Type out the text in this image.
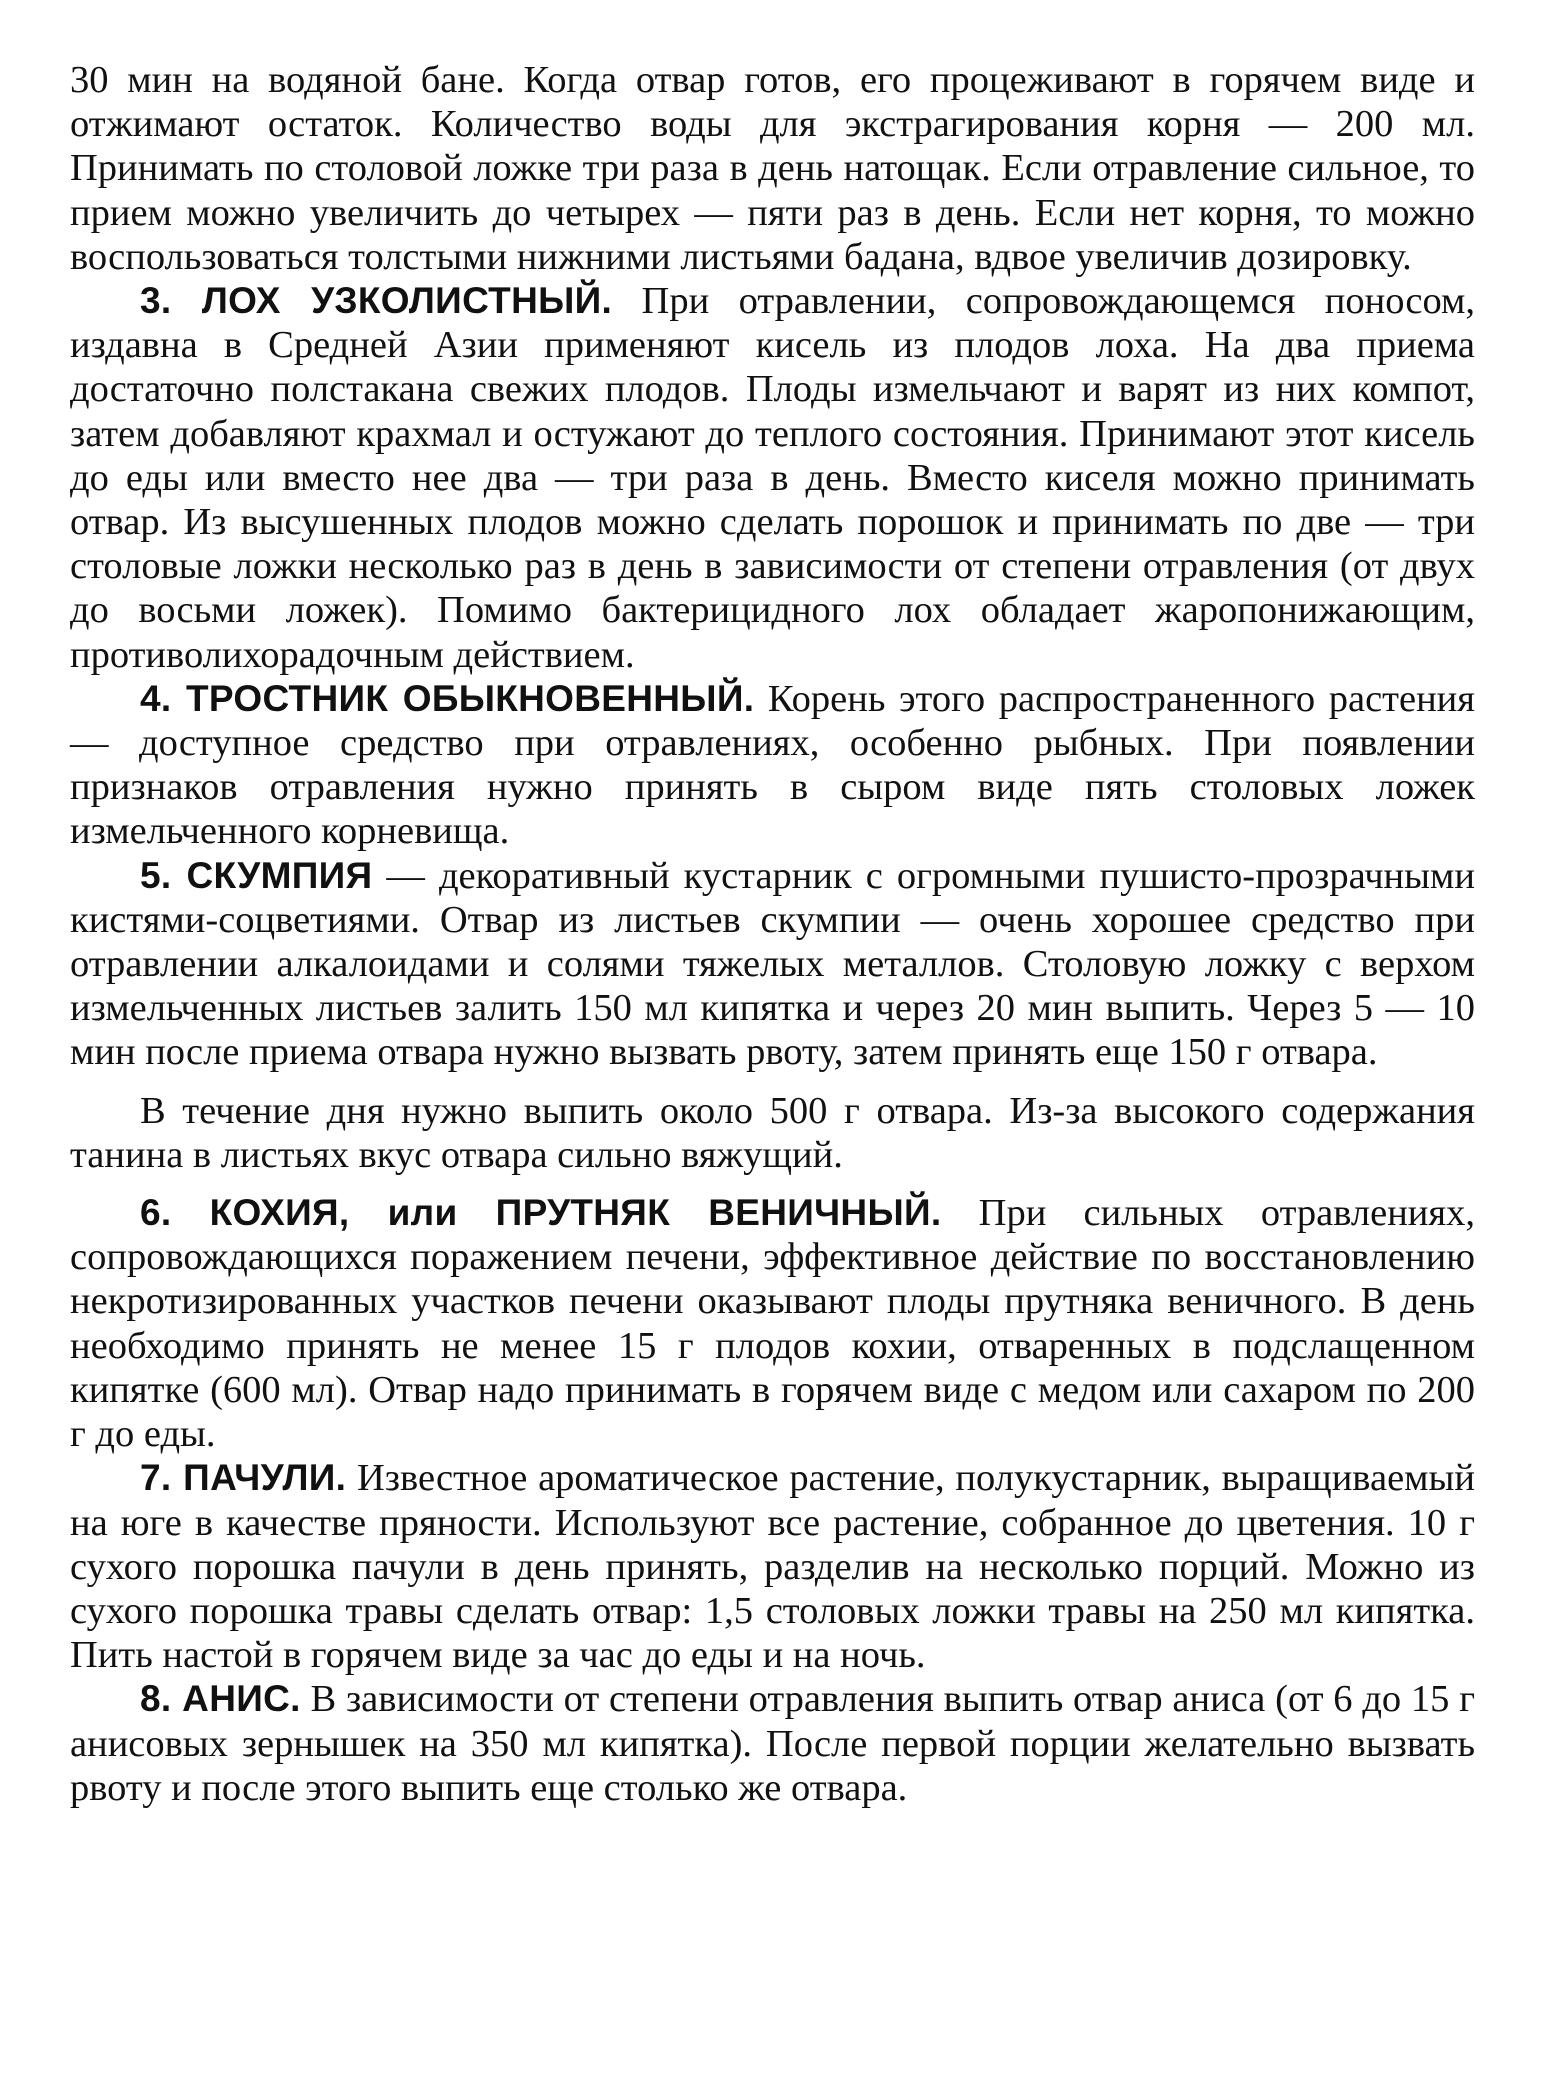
30 мин на водяной бане. Когда отвар готов, его процеживают в горячем виде и отжимают остаток. Количество воды для экстрагирования корня — 200 мл. Принимать по столовой ложке три раза в день натощак. Если отравление сильное, то прием можно увеличить до четырех — пяти раз в день. Если нет корня, то можно воспользоваться толстыми нижними листьями бадана, вдвое увеличив дозировку.

3. ЛОХ УЗКОЛИСТНЫЙ. При отравлении, сопровождающемся поносом, издавна в Средней Азии применяют кисель из плодов лоха. На два приема достаточно полстакана свежих плодов. Плоды измельчают и варят из них компот, затем добавляют крахмал и остужают до теплого состояния. Принимают этот кисель до еды или вместо нее два — три раза в день. Вместо киселя можно принимать отвар. Из высушенных плодов можно сделать порошок и принимать по две — три столовые ложки несколько раз в день в зависимости от степени отравления (от двух до восьми ложек). Помимо бактерицидного лох обладает жаропонижающим, противолихорадочным действием.

4. ТРОСТНИК ОБЫКНОВЕННЫЙ. Корень этого распространенного растения — доступное средство при отравлениях, особенно рыбных. При появлении признаков отравления нужно принять в сыром виде пять столовых ложек измельченного корневища.

5. СКУМПИЯ — декоративный кустарник с огромными пушисто-прозрачными кистями-соцветиями. Отвар из листьев скумпии — очень хорошее средство при отравлении алкалоидами и солями тяжелых металлов. Столовую ложку с верхом измельченных листьев залить 150 мл кипятка и через 20 мин выпить. Через 5 — 10 мин после приема отвара нужно вызвать рвоту, затем принять еще 150 г отвара.

В течение дня нужно выпить около 500 г отвара. Из-за высокого содержания танина в листьях вкус отвара сильно вяжущий.

6. КОХИЯ, или ПРУТНЯК ВЕНИЧНЫЙ. При сильных отравлениях, сопровождающихся поражением печени, эффективное действие по восстановлению некротизированных участков печени оказывают плоды прутняка веничного. В день необходимо принять не менее 15 г плодов кохии, отваренных в подслащенном кипятке (600 мл). Отвар надо принимать в горячем виде с медом или сахаром по 200 г до еды.

7. ПАЧУЛИ. Известное ароматическое растение, полукустарник, выращиваемый на юге в качестве пряности. Используют все растение, собранное до цветения. 10 г сухого порошка пачули в день принять, разделив на несколько порций. Можно из сухого порошка травы сделать отвар: 1,5 столовых ложки травы на 250 мл кипятка. Пить настой в горячем виде за час до еды и на ночь.

8. АНИС. В зависимости от степени отравления выпить отвар аниса (от 6 до 15 г анисовых зернышек на 350 мл кипятка). После первой порции желательно вызвать рвоту и после этого выпить еще столько же отвара.
